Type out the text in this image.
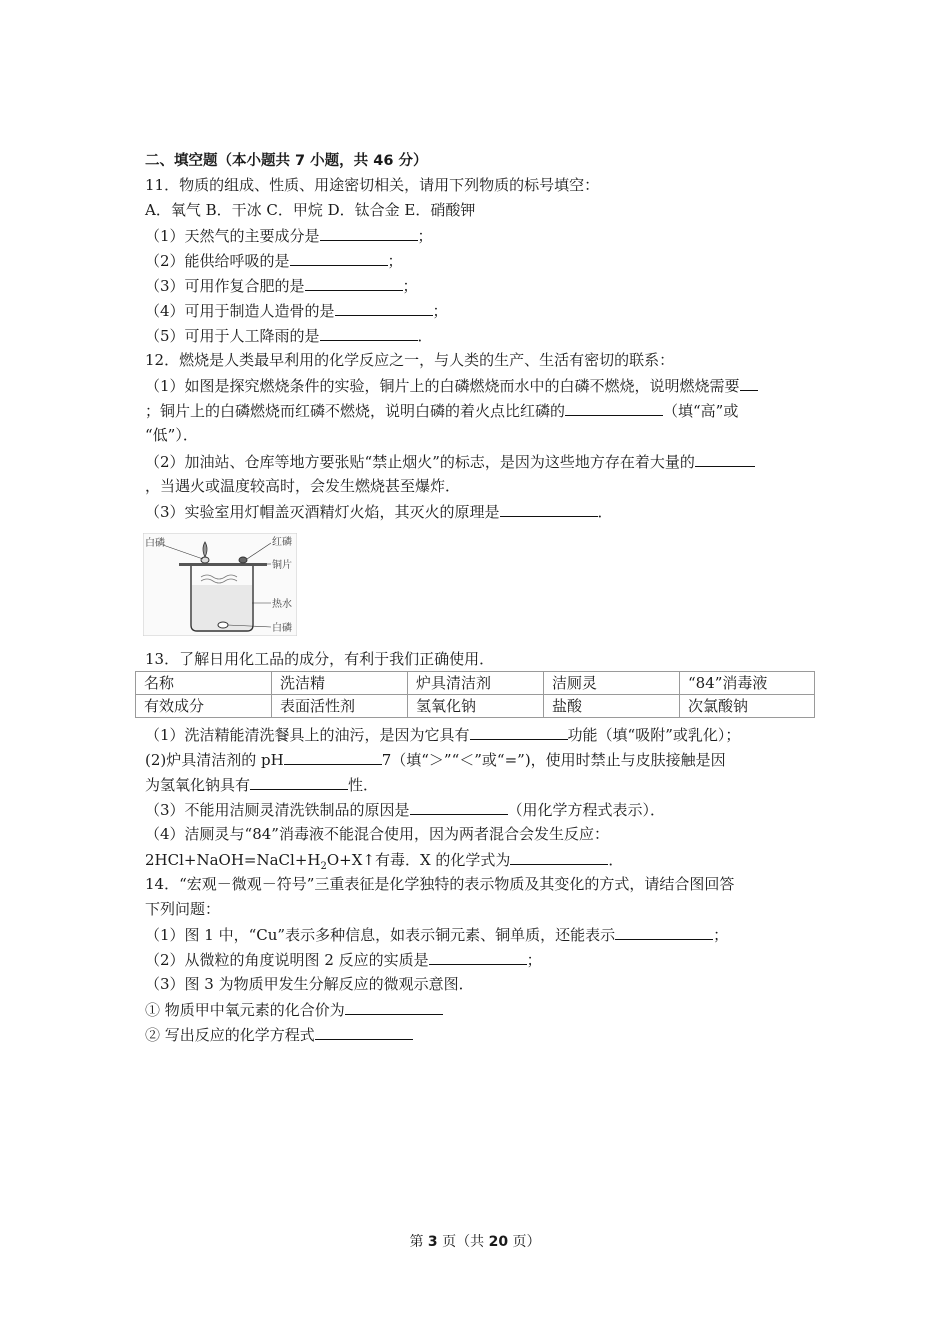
二、填空题（本小题共 7 小题，共 46 分）
11．物质的组成、性质、用途密切相关，请用下列物质的标号填空：
A．氧气 B．干冰 C．甲烷 D．钛合金 E．硝酸钾
（1）天然气的主要成分是	；
（2）能供给呼吸的是	；
（3）可用作复合肥的是	；
（4）可用于制造人造骨的是	；
（5）可用于人工降雨的是	．
12．燃烧是人类最早利用的化学反应之一，与人类的生产、生活有密切的联系：
（1）如图是探究燃烧条件的实验，铜片上的白磷燃烧而水中的白磷不燃烧，说明燃烧需要
；铜片上的白磷燃烧而红磷不燃烧，说明白磷的着火点比红磷的	（填“高”或
“低”）．
（2）加油站、仓库等地方要张贴“禁止烟火”的标志，是因为这些地方存在着大量的
，当遇火或温度较高时，会发生燃烧甚至爆炸．
（3）实验室用灯帽盖灭酒精灯火焰，其灭火的原理是	．
白磷	红磷
铜片
热水
白磷
13．了解日用化工品的成分，有利于我们正确使用．
名称	洗洁精	炉具清洁剂	洁厕灵	“84”消毒液
有效成分	表面活性剂	氢氧化钠	盐酸	次氯酸钠
（1）洗洁精能清洗餐具上的油污，是因为它具有	功能（填“吸附”或乳化）；
(2)炉具清洁剂的 pH	7（填“＞”“＜”或“=”)，使用时禁止与皮肤接触是因
为氢氧化钠具有	性．
（3）不能用洁厕灵清洗铁制品的原因是	（用化学方程式表示）．
（4）洁厕灵与“84”消毒液不能混合使用，因为两者混合会发生反应：
$2HCl+NaOH=NaCl+H_2O+X↑$有毒．X 的化学式为	．
14．“宏观－微观－符号”三重表征是化学独特的表示物质及其变化的方式，请结合图回答
下列问题：
（1）图 1 中，“Cu”表示多种信息，如表示铜元素、铜单质，还能表示	；
（2）从微粒的角度说明图 2 反应的实质是	；
（3）图 3 为物质甲发生分解反应的微观示意图．
① 物质甲中氧元素的化合价为
② 写出反应的化学方程式
第 3 页（共 20 页）
